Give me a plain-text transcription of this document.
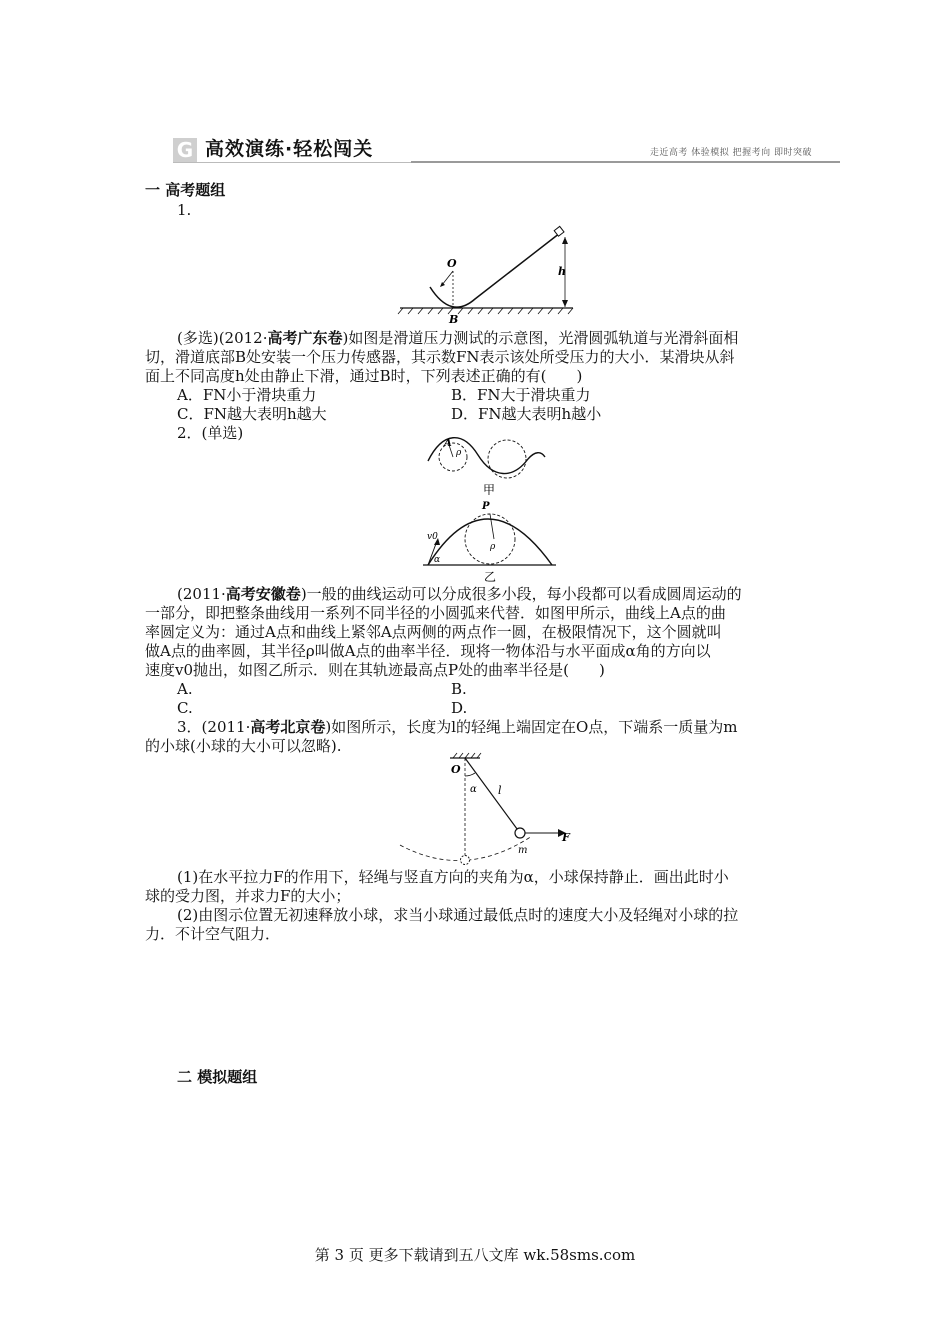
G 高效演练·轻松闯关	走近高考 体验模拟 把握考向 即时突破
一 高考题组
1.
O
B
h
(多选)(2012·高考广东卷)如图是滑道压力测试的示意图，光滑圆弧轨道与光滑斜面相
切，滑道底部B处安装一个压力传感器，其示数FN表示该处所受压力的大小．某滑块从斜
面上不同高度h处由静止下滑，通过B时，下列表述正确的有(　　)
A．FN小于滑块重力	B．FN大于滑块重力
C．FN越大表明h越大	D．FN越大表明h越小
2．(单选)
A
ρ
甲
P
v0
α
ρ
乙
(2011·高考安徽卷)一般的曲线运动可以分成很多小段，每小段都可以看成圆周运动的
一部分，即把整条曲线用一系列不同半径的小圆弧来代替．如图甲所示，曲线上A点的曲
率圆定义为：通过A点和曲线上紧邻A点两侧的两点作一圆，在极限情况下，这个圆就叫
做A点的曲率圆，其半径ρ叫做A点的曲率半径．现将一物体沿与水平面成α角的方向以
速度v0抛出，如图乙所示．则在其轨迹最高点P处的曲率半径是(　　)
A.	B.
C.	D.
3．(2011·高考北京卷)如图所示，长度为l的轻绳上端固定在O点，下端系一质量为m
的小球(小球的大小可以忽略).
O
α l
F
m
(1)在水平拉力F的作用下，轻绳与竖直方向的夹角为α，小球保持静止．画出此时小
球的受力图，并求力F的大小；
(2)由图示位置无初速释放小球，求当小球通过最低点时的速度大小及轻绳对小球的拉
力．不计空气阻力．
二 模拟题组
第 3 页 更多下载请到五八文库 wk.58sms.com
